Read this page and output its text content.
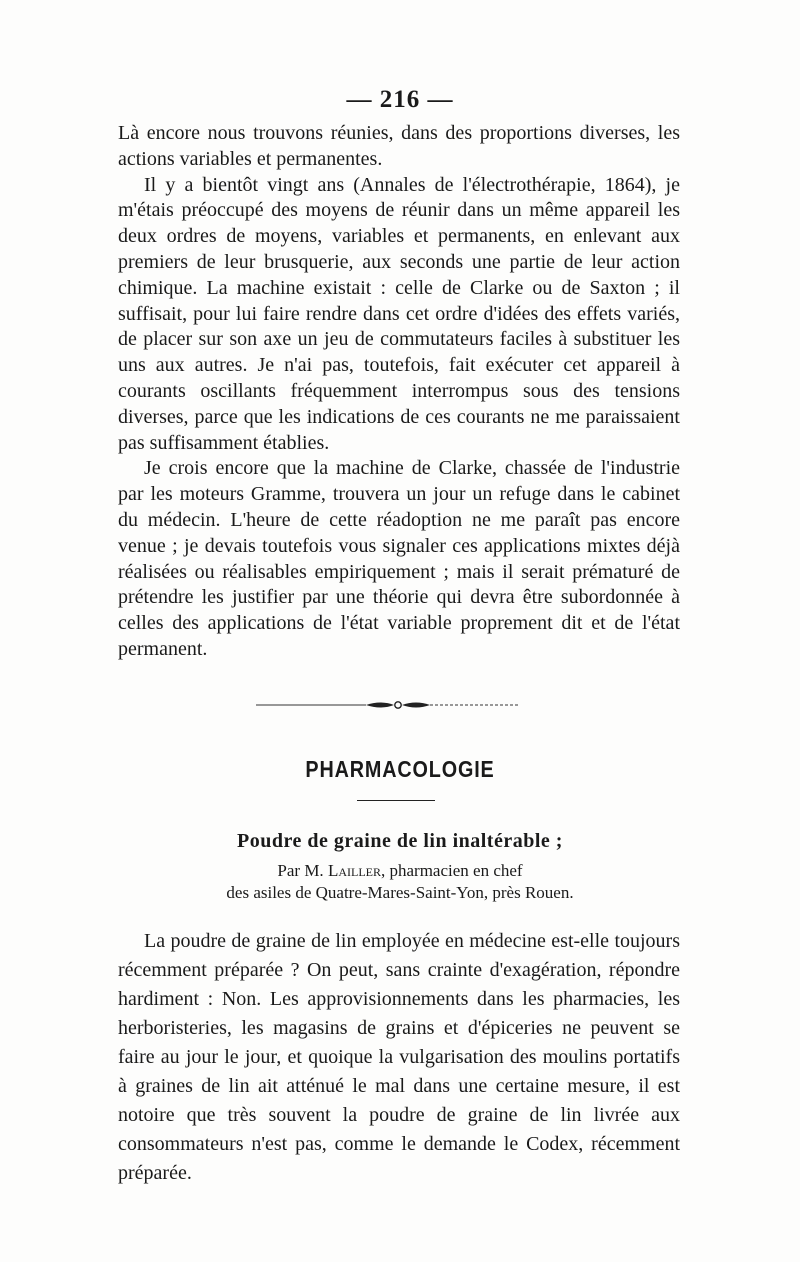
— 216 —

Là encore nous trouvons réunies, dans des proportions diverses, les actions variables et permanentes.

Il y a bientôt vingt ans (Annales de l'électrothérapie, 1864), je m'étais préoccupé des moyens de réunir dans un même appareil les deux ordres de moyens, variables et permanents, en enlevant aux premiers de leur brusquerie, aux seconds une partie de leur action chimique. La machine existait : celle de Clarke ou de Saxton ; il suffisait, pour lui faire rendre dans cet ordre d'idées des effets variés, de placer sur son axe un jeu de commutateurs faciles à substituer les uns aux autres. Je n'ai pas, toutefois, fait exécuter cet appareil à courants oscillants fréquemment interrompus sous des tensions diverses, parce que les indications de ces courants ne me paraissaient pas suffisamment établies.

Je crois encore que la machine de Clarke, chassée de l'industrie par les moteurs Gramme, trouvera un jour un refuge dans le cabinet du médecin. L'heure de cette réadoption ne me paraît pas encore venue ; je devais toutefois vous signaler ces applications mixtes déjà réalisées ou réalisables empiriquement ; mais il serait prématuré de prétendre les justifier par une théorie qui devra être subordonnée à celles des applications de l'état variable proprement dit et de l'état permanent.

PHARMACOLOGIE
Poudre de graine de lin inaltérable ;
Par M. Lailler, pharmacien en chef
des asiles de Quatre-Mares-Saint-Yon, près Rouen.

La poudre de graine de lin employée en médecine est-elle toujours récemment préparée ? On peut, sans crainte d'exagération, répondre hardiment : Non. Les approvisionnements dans les pharmacies, les herboristeries, les magasins de grains et d'épiceries ne peuvent se faire au jour le jour, et quoique la vulgarisation des moulins portatifs à graines de lin ait atténué le mal dans une certaine mesure, il est notoire que très souvent la poudre de graine de lin livrée aux consommateurs n'est pas, comme le demande le Codex, récemment préparée.
